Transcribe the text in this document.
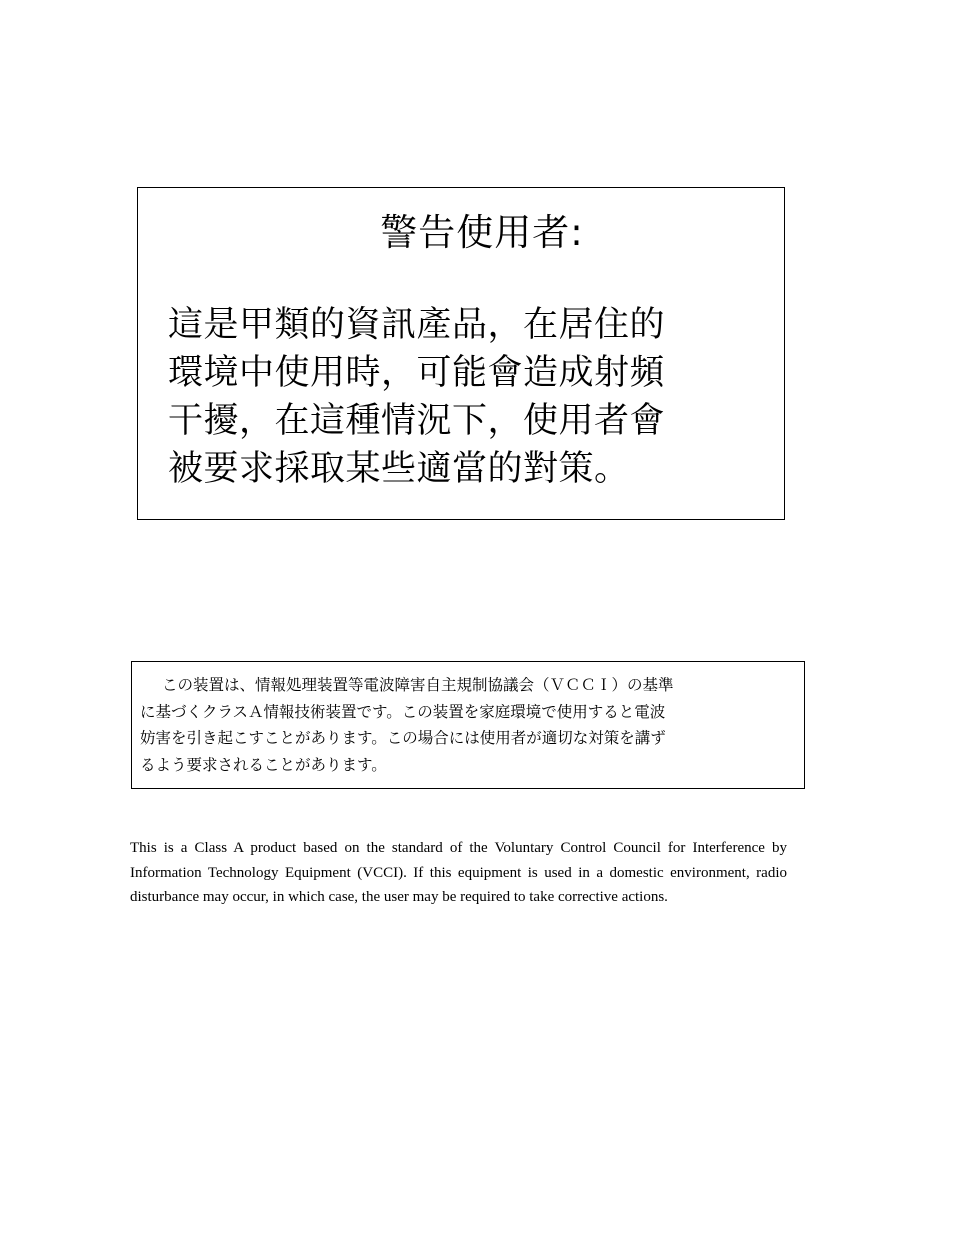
警告使用者:
這是甲類的資訊產品，在居住的
環境中使用時，可能會造成射頻
干擾，在這種情況下，使用者會
被要求採取某些適當的對策。
この装置は、情報処理装置等電波障害自主規制協議会（ＶＣＣＩ）の基準
に基づくクラスＡ情報技術装置です。この装置を家庭環境で使用すると電波
妨害を引き起こすことがあります。この場合には使用者が適切な対策を講ず
るよう要求されることがあります。
This is a Class A product based on the standard of the Voluntary Control Council for Interference by Information Technology Equipment (VCCI). If this equipment is used in a domestic environment, radio disturbance may occur, in which case, the user may be required to take corrective actions.
